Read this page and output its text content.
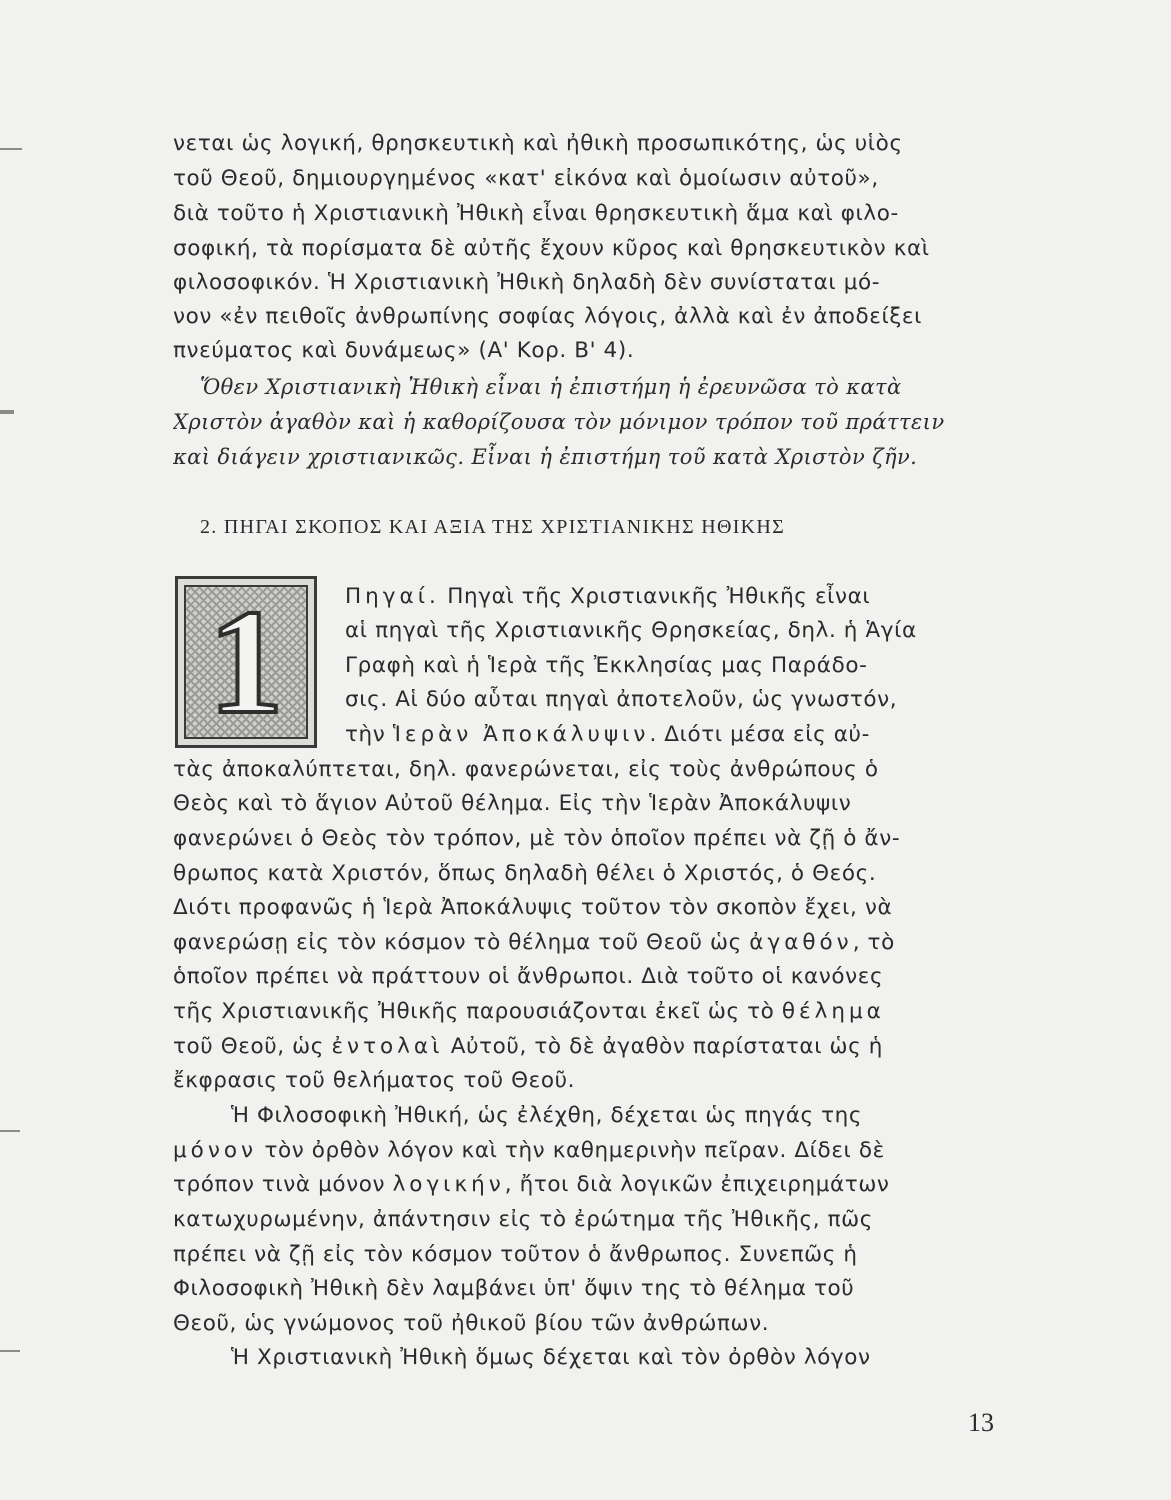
νεται ὡς λογική, θρησκευτικὴ καὶ ἠθικὴ προσωπικότης, ὡς υἱὸς
τοῦ Θεοῦ, δημιουργημένος «κατ' εἰκόνα καὶ ὁμοίωσιν αὐτοῦ»,
διὰ τοῦτο ἡ Χριστιανικὴ Ἠθικὴ εἶναι θρησκευτικὴ ἅμα καὶ φιλο-
σοφική, τὰ πορίσματα δὲ αὐτῆς ἔχουν κῦρος καὶ θρησκευτικὸν καὶ
φιλοσοφικόν. Ἡ Χριστιανικὴ Ἠθικὴ δηλαδὴ δὲν συνίσταται μό-
νον «ἐν πειθοῖς ἀνθρωπίνης σοφίας λόγοις, ἀλλὰ καὶ ἐν ἀποδείξει
πνεύματος καὶ δυνάμεως» (Α' Κορ. Β' 4).
Ὅθεν Χριστιανικὴ Ἠθικὴ εἶναι ἡ ἐπιστήμη ἡ ἐρευνῶσα τὸ κατὰ
Χριστὸν ἀγαθὸν καὶ ἡ καθορίζουσα τὸν μόνιμον τρόπον τοῦ πράττειν
καὶ διάγειν χριστιανικῶς. Εἶναι ἡ ἐπιστήμη τοῦ κατὰ Χριστὸν ζῆν.
2. ΠΗΓΑΙ ΣΚΟΠΟΣ ΚΑΙ ΑΞΙΑ ΤΗΣ ΧΡΙΣΤΙΑΝΙΚΗΣ ΗΘΙΚΗΣ
1	Πηγαί. Πηγαὶ τῆς Χριστιανικῆς Ἠθικῆς εἶναι
αἱ πηγαὶ τῆς Χριστιανικῆς Θρησκείας, δηλ. ἡ Ἁγία
Γραφὴ καὶ ἡ Ἱερὰ τῆς Ἐκκλησίας μας Παράδο-
σις. Αἱ δύο αὗται πηγαὶ ἀποτελοῦν, ὡς γνωστόν,
τὴν Ἱερὰν Ἀποκάλυψιν. Διότι μέσα εἰς αὐ-
τὰς ἀποκαλύπτεται, δηλ. φανερώνεται, εἰς τοὺς ἀνθρώπους ὁ
Θεὸς καὶ τὸ ἅγιον Αὐτοῦ θέλημα. Εἰς τὴν Ἱερὰν Ἀποκάλυψιν
φανερώνει ὁ Θεὸς τὸν τρόπον, μὲ τὸν ὁποῖον πρέπει νὰ ζῇ ὁ ἄν-
θρωπος κατὰ Χριστόν, ὅπως δηλαδὴ θέλει ὁ Χριστός, ὁ Θεός.
Διότι προφανῶς ἡ Ἱερὰ Ἀποκάλυψις τοῦτον τὸν σκοπὸν ἔχει, νὰ
φανερώσῃ εἰς τὸν κόσμον τὸ θέλημα τοῦ Θεοῦ ὡς ἀγαθόν, τὸ
ὁποῖον πρέπει νὰ πράττουν οἱ ἄνθρωποι. Διὰ τοῦτο οἱ κανόνες
τῆς Χριστιανικῆς Ἠθικῆς παρουσιάζονται ἐκεῖ ὡς τὸ θέλημα
τοῦ Θεοῦ, ὡς ἐντολαὶ Αὐτοῦ, τὸ δὲ ἀγαθὸν παρίσταται ὡς ἡ
ἔκφρασις τοῦ θελήματος τοῦ Θεοῦ.
Ἡ Φιλοσοφικὴ Ἠθική, ὡς ἐλέχθη, δέχεται ὡς πηγάς της
μόνον τὸν ὀρθὸν λόγον καὶ τὴν καθημερινὴν πεῖραν. Δίδει δὲ
τρόπον τινὰ μόνον λογικήν, ἤτοι διὰ λογικῶν ἐπιχειρημάτων
κατωχυρωμένην, ἀπάντησιν εἰς τὸ ἐρώτημα τῆς Ἠθικῆς, πῶς
πρέπει νὰ ζῇ εἰς τὸν κόσμον τοῦτον ὁ ἄνθρωπος. Συνεπῶς ἡ
Φιλοσοφικὴ Ἠθικὴ δὲν λαμβάνει ὑπ' ὄψιν της τὸ θέλημα τοῦ
Θεοῦ, ὡς γνώμονος τοῦ ἠθικοῦ βίου τῶν ἀνθρώπων.
Ἡ Χριστιανικὴ Ἠθικὴ ὅμως δέχεται καὶ τὸν ὀρθὸν λόγον
13
